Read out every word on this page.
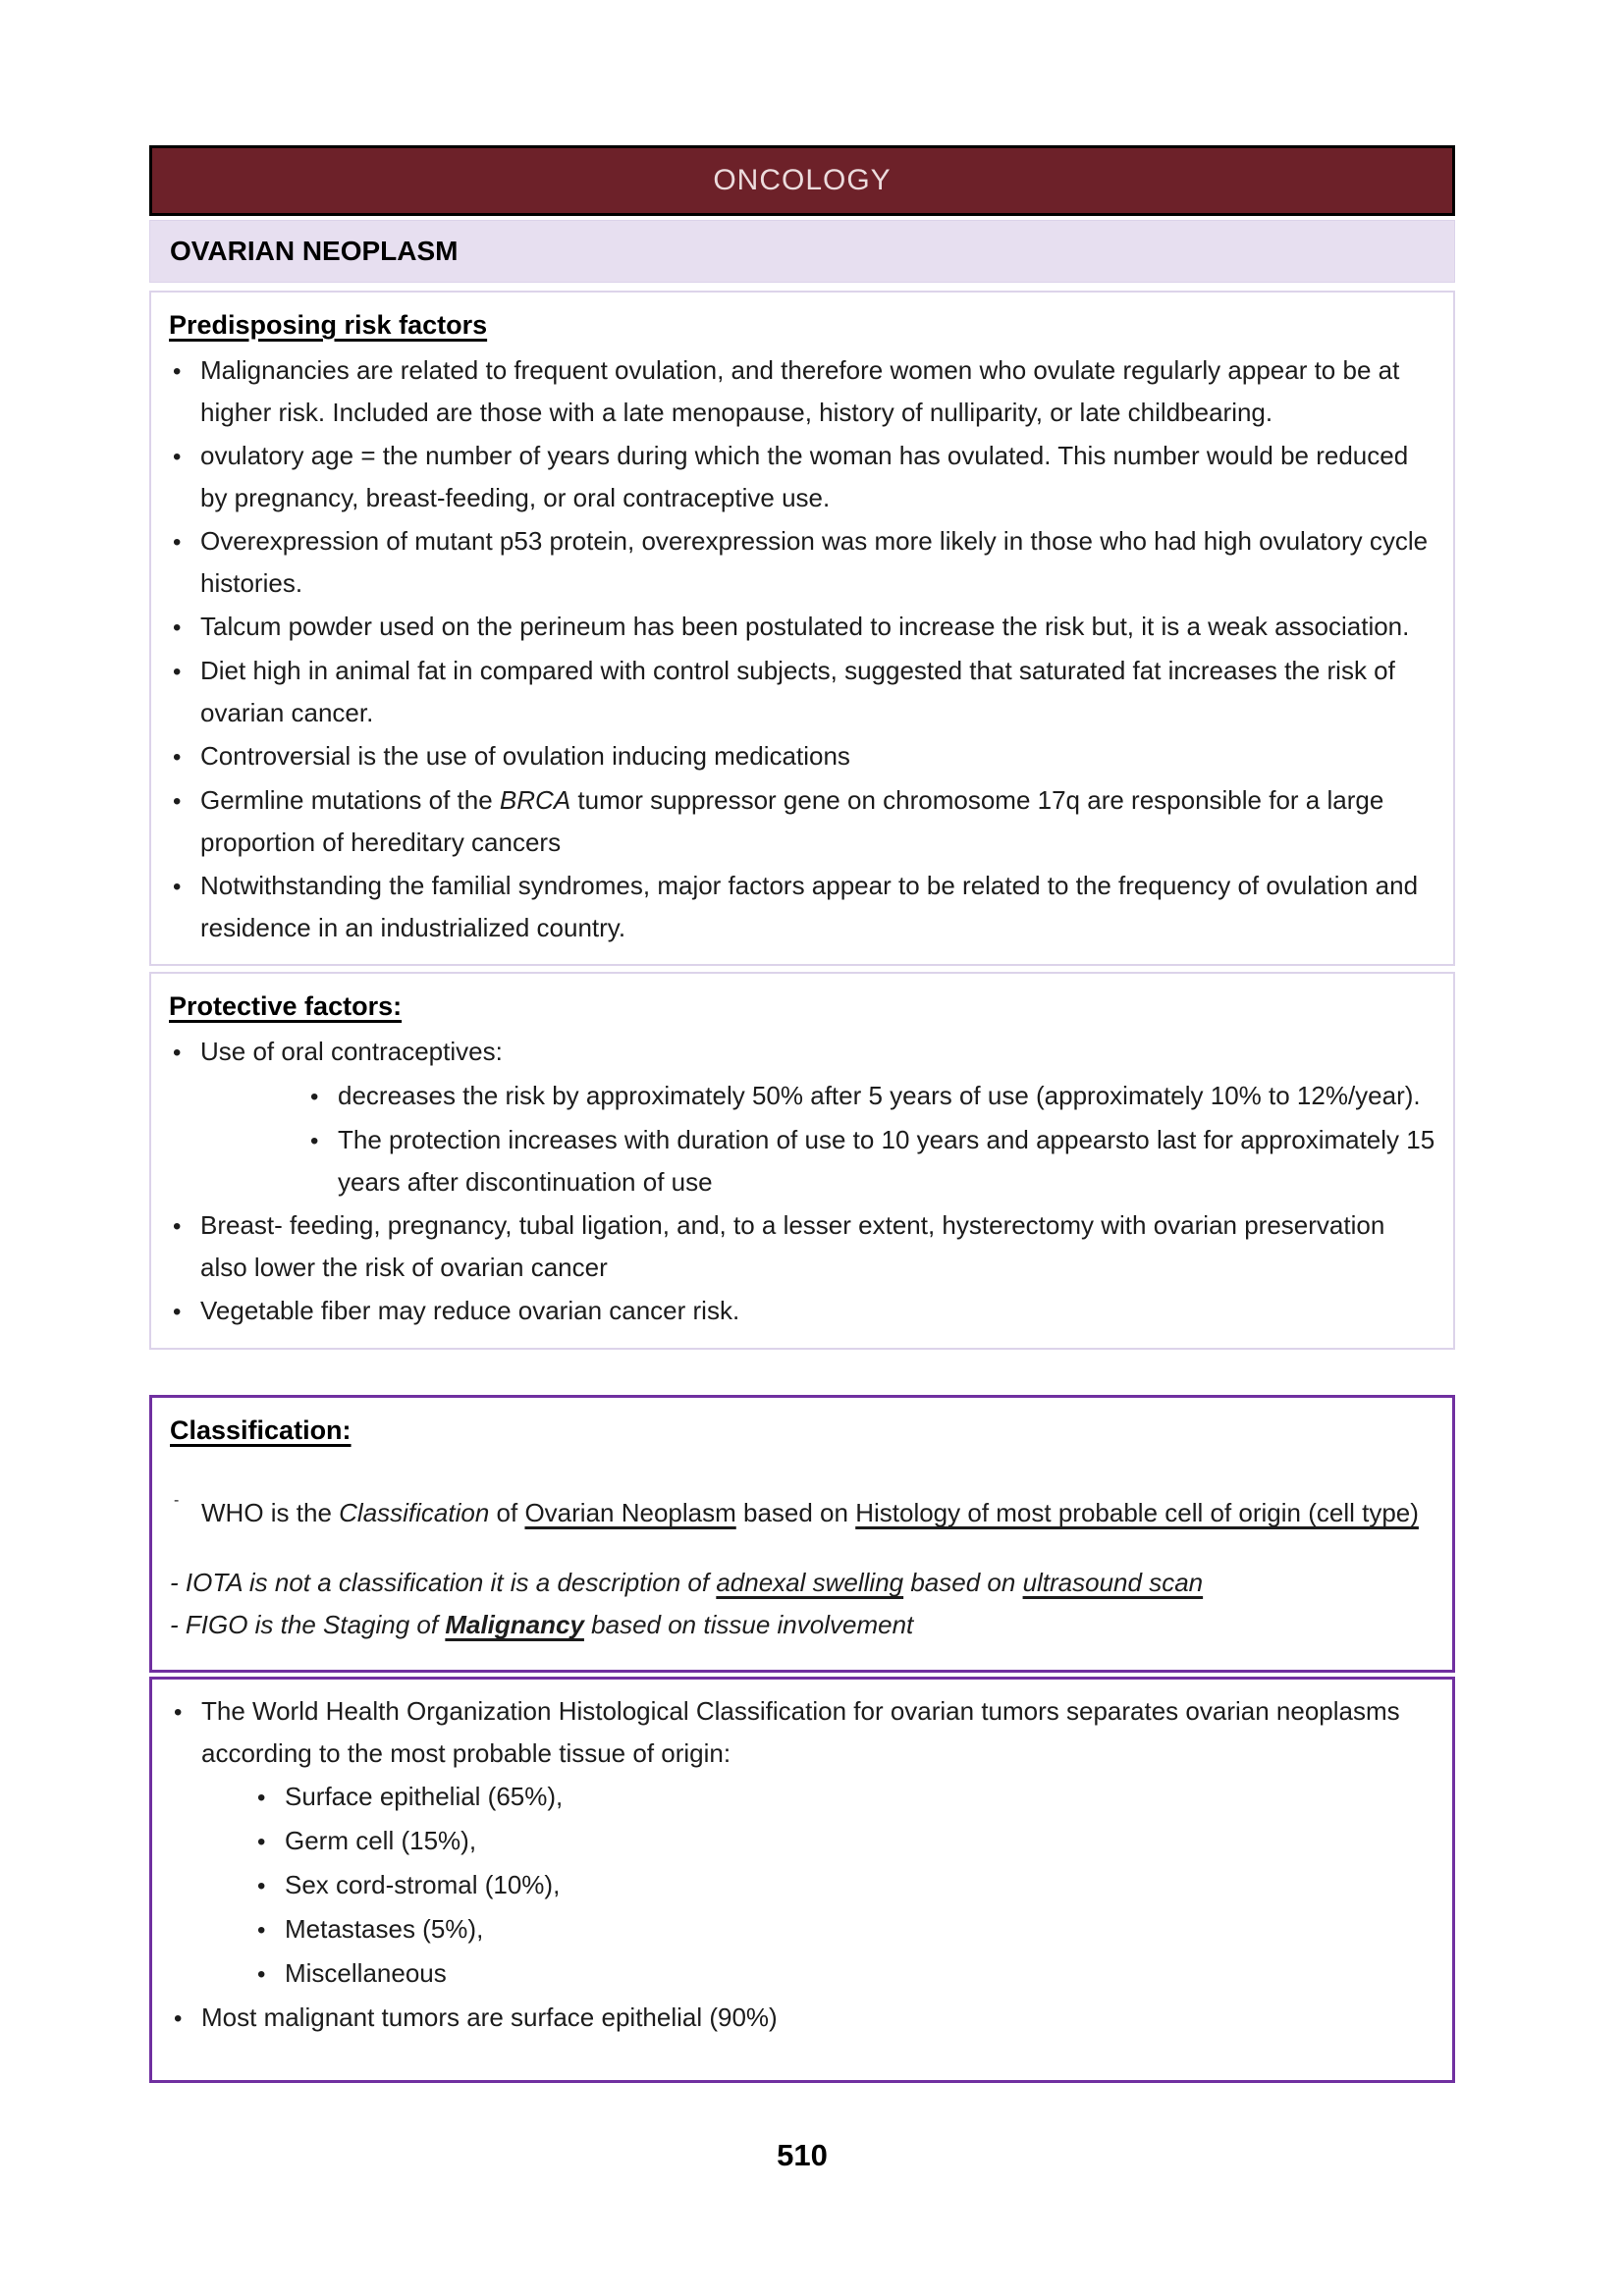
ONCOLOGY
OVARIAN NEOPLASM
Predisposing risk factors
•

Malignancies are related to frequent ovulation, and therefore women who ovulate regularly appear to be at higher risk. Included are those with a late menopause, history of nulliparity, or late childbearing.

•

ovulatory age = the number of years during which the woman has ovulated. This number would be reduced by pregnancy, breast-feeding, or oral contraceptive use.

•

Overexpression of mutant p53 protein, overexpression was more likely in those who had high ovulatory cycle histories.

•

Talcum powder used on the perineum has been postulated to increase the risk but, it is a weak association.

•

Diet high in animal fat in compared with control subjects, suggested that saturated fat increases the risk of ovarian cancer.

•

Controversial is the use of ovulation inducing medications

•

Germline mutations of the BRCA tumor suppressor gene on chromosome 17q are responsible for a large proportion of hereditary cancers

•

Notwithstanding the familial syndromes, major factors appear to be related to the frequency of ovulation and residence in an industrialized country.

Protective factors:
•

Use of oral contraceptives:

•

decreases the risk by approximately 50% after 5 years of use (approximately 10% to 12%/year).

•

The protection increases with duration of use to 10 years and appearsto last for approximately 15 years after discontinuation of use

•

Breast- feeding, pregnancy, tubal ligation, and, to a lesser extent, hysterectomy with ovarian preservation also lower the risk of ovarian cancer

•

Vegetable fiber may reduce ovarian cancer risk.

Classification:
-

WHO is the Classification of Ovarian Neoplasm based on Histology of most probable cell of origin (cell type)

- IOTA is not a classification it is a description of adnexal swelling based on ultrasound scan

- FIGO is the Staging of Malignancy based on tissue involvement

•

The World Health Organization Histological Classification for ovarian tumors separates ovarian neoplasms according to the most probable tissue of origin:

•

Surface epithelial (65%),

•

Germ cell (15%),

•

Sex cord-stromal (10%),

•

Metastases (5%),

•

Miscellaneous

•

Most malignant tumors are surface epithelial (90%)

510
